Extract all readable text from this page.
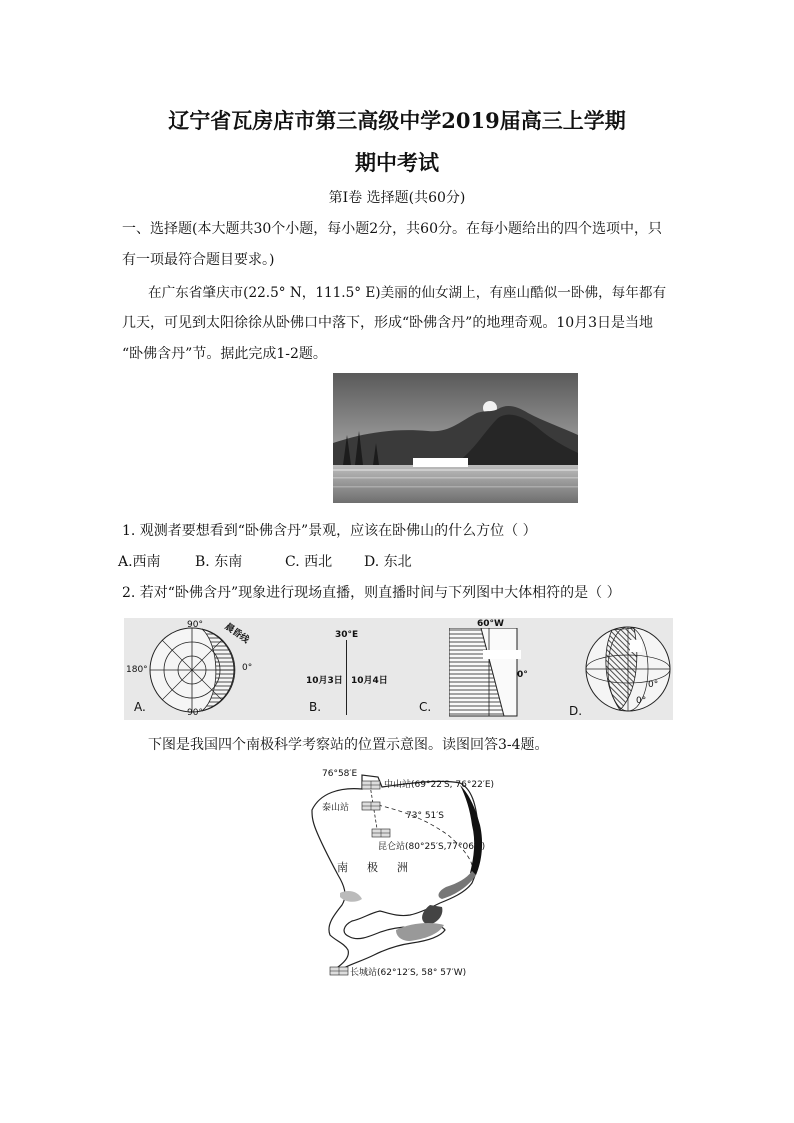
辽宁省瓦房店市第三高级中学2019届高三上学期
期中考试
第Ⅰ卷 选择题(共60分)
一、选择题(本大题共30个小题，每小题2分，共60分。在每小题给出的四个选项中，只
有一项最符合题目要求。)
在广东省肇庆市(22.5° N，111.5° E)美丽的仙女湖上，有座山酷似一卧佛，每年都有
几天，可见到太阳徐徐从卧佛口中落下，形成“卧佛含丹”的地理奇观。10月3日是当地
“卧佛含丹”节。据此完成1-2题。
1. 观测者要想看到“卧佛含丹”景观，应该在卧佛山的什么方位（ ）
A.西南 B. 东南	C. 西北 D. 东北
2. 若对“卧佛含丹”现象进行现场直播，则直播时间与下列图中大体相符的是（ ）
90°
90°
180°	0°
晨昏线
A.
30°E
10月3日 10月4日
B.
60°W
0°
C.
0°
0°
D.
下图是我国四个南极科学考察站的位置示意图。读图回答3-4题。
76°58′E
中山站(69°22′S, 76°22′E)
泰山站
73° 51′S
昆仑站(80°25′S,77°06′E)
南 极 洲
长城站(62°12′S, 58° 57′W)
